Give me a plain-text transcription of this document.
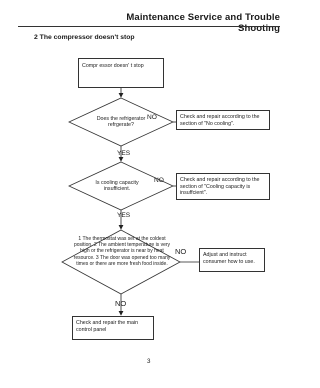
Maintenance Service and Trouble Shooting
2 The compressor doesn't stop
Compr essor doesn' t stop
Does the refrigerator refrgerate?
NO	Check and repair according to the section of "No cooling".
YES
Is cooling capacity insufficient.
NO	Check and repair according to the section of "Cooling capacity is insuffcient".
YES
1 The thermostat was set at the coldest position. 2 The ambient temperature is very high or the refrigerator is near by heat resource. 3 The door was opened too many times or there are more fresh food inside.
NO	Adjust and instruct consumer how to use.
NO
Check and repair the main control panel
3
